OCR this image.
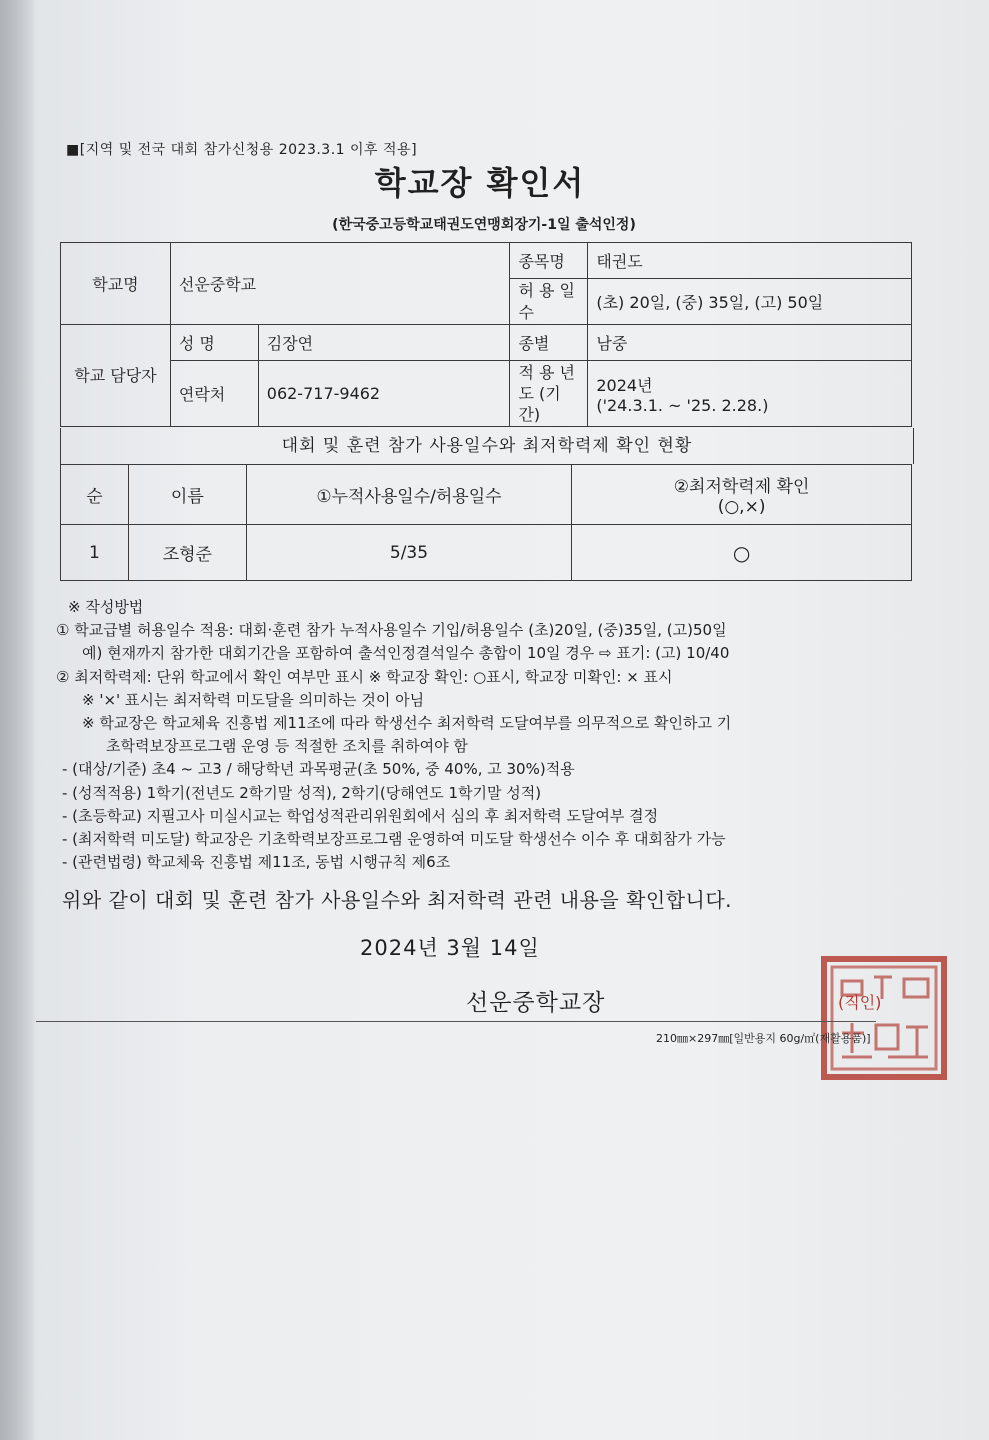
■[지역 및 전국 대회 참가신청용 2023.3.1 이후 적용]
학교장 확인서
(한국중고등학교태권도연맹회장기-1일 출석인정)
학교명	선운중학교		종목명	태권도
			허 용 일 수	(초) 20일, (중) 35일, (고) 50일
학교 담당자	성 명	김장연	종별	남중
	연락처	062-717-9462	적 용 년 도 (기간)	2024년
('24.3.1. ~ '25. 2.28.)
대회 및 훈련 참가 사용일수와 최저학력제 확인 현황
순	이름	①누적사용일수/허용일수	②최저학력제 확인(○,×)
1	조형준	5/35	○
※ 작성방법
① 학교급별 허용일수 적용: 대회·훈련 참가 누적사용일수 기입/허용일수 (초)20일, (중)35일, (고)50일
예) 현재까지 참가한 대회기간을 포함하여 출석인정결석일수 총합이 10일 경우 ⇨ 표기: (고) 10/40
② 최저학력제: 단위 학교에서 확인 여부만 표시 ※ 학교장 확인: ○표시, 학교장 미확인: × 표시
※ '×' 표시는 최저학력 미도달을 의미하는 것이 아님
※ 학교장은 학교체육 진흥법 제11조에 따라 학생선수 최저학력 도달여부를 의무적으로 확인하고 기
초학력보장프로그램 운영 등 적절한 조치를 취하여야 함
- (대상/기준) 초4 ~ 고3 / 해당학년 과목평균(초 50%, 중 40%, 고 30%)적용
- (성적적용) 1학기(전년도 2학기말 성적), 2학기(당해연도 1학기말 성적)
- (초등학교) 지필고사 미실시교는 학업성적관리위원회에서 심의 후 최저학력 도달여부 결정
- (최저학력 미도달) 학교장은 기초학력보장프로그램 운영하여 미도달 학생선수 이수 후 대회참가 가능
- (관련법령) 학교체육 진흥법 제11조, 동법 시행규칙 제6조
위와 같이 대회 및 훈련 참가 사용일수와 최저학력 관련 내용을 확인합니다.
2024년 3월 14일
선운중학교장	(직인)
210㎜×297㎜[일반용지 60g/㎡(재활용품)]
